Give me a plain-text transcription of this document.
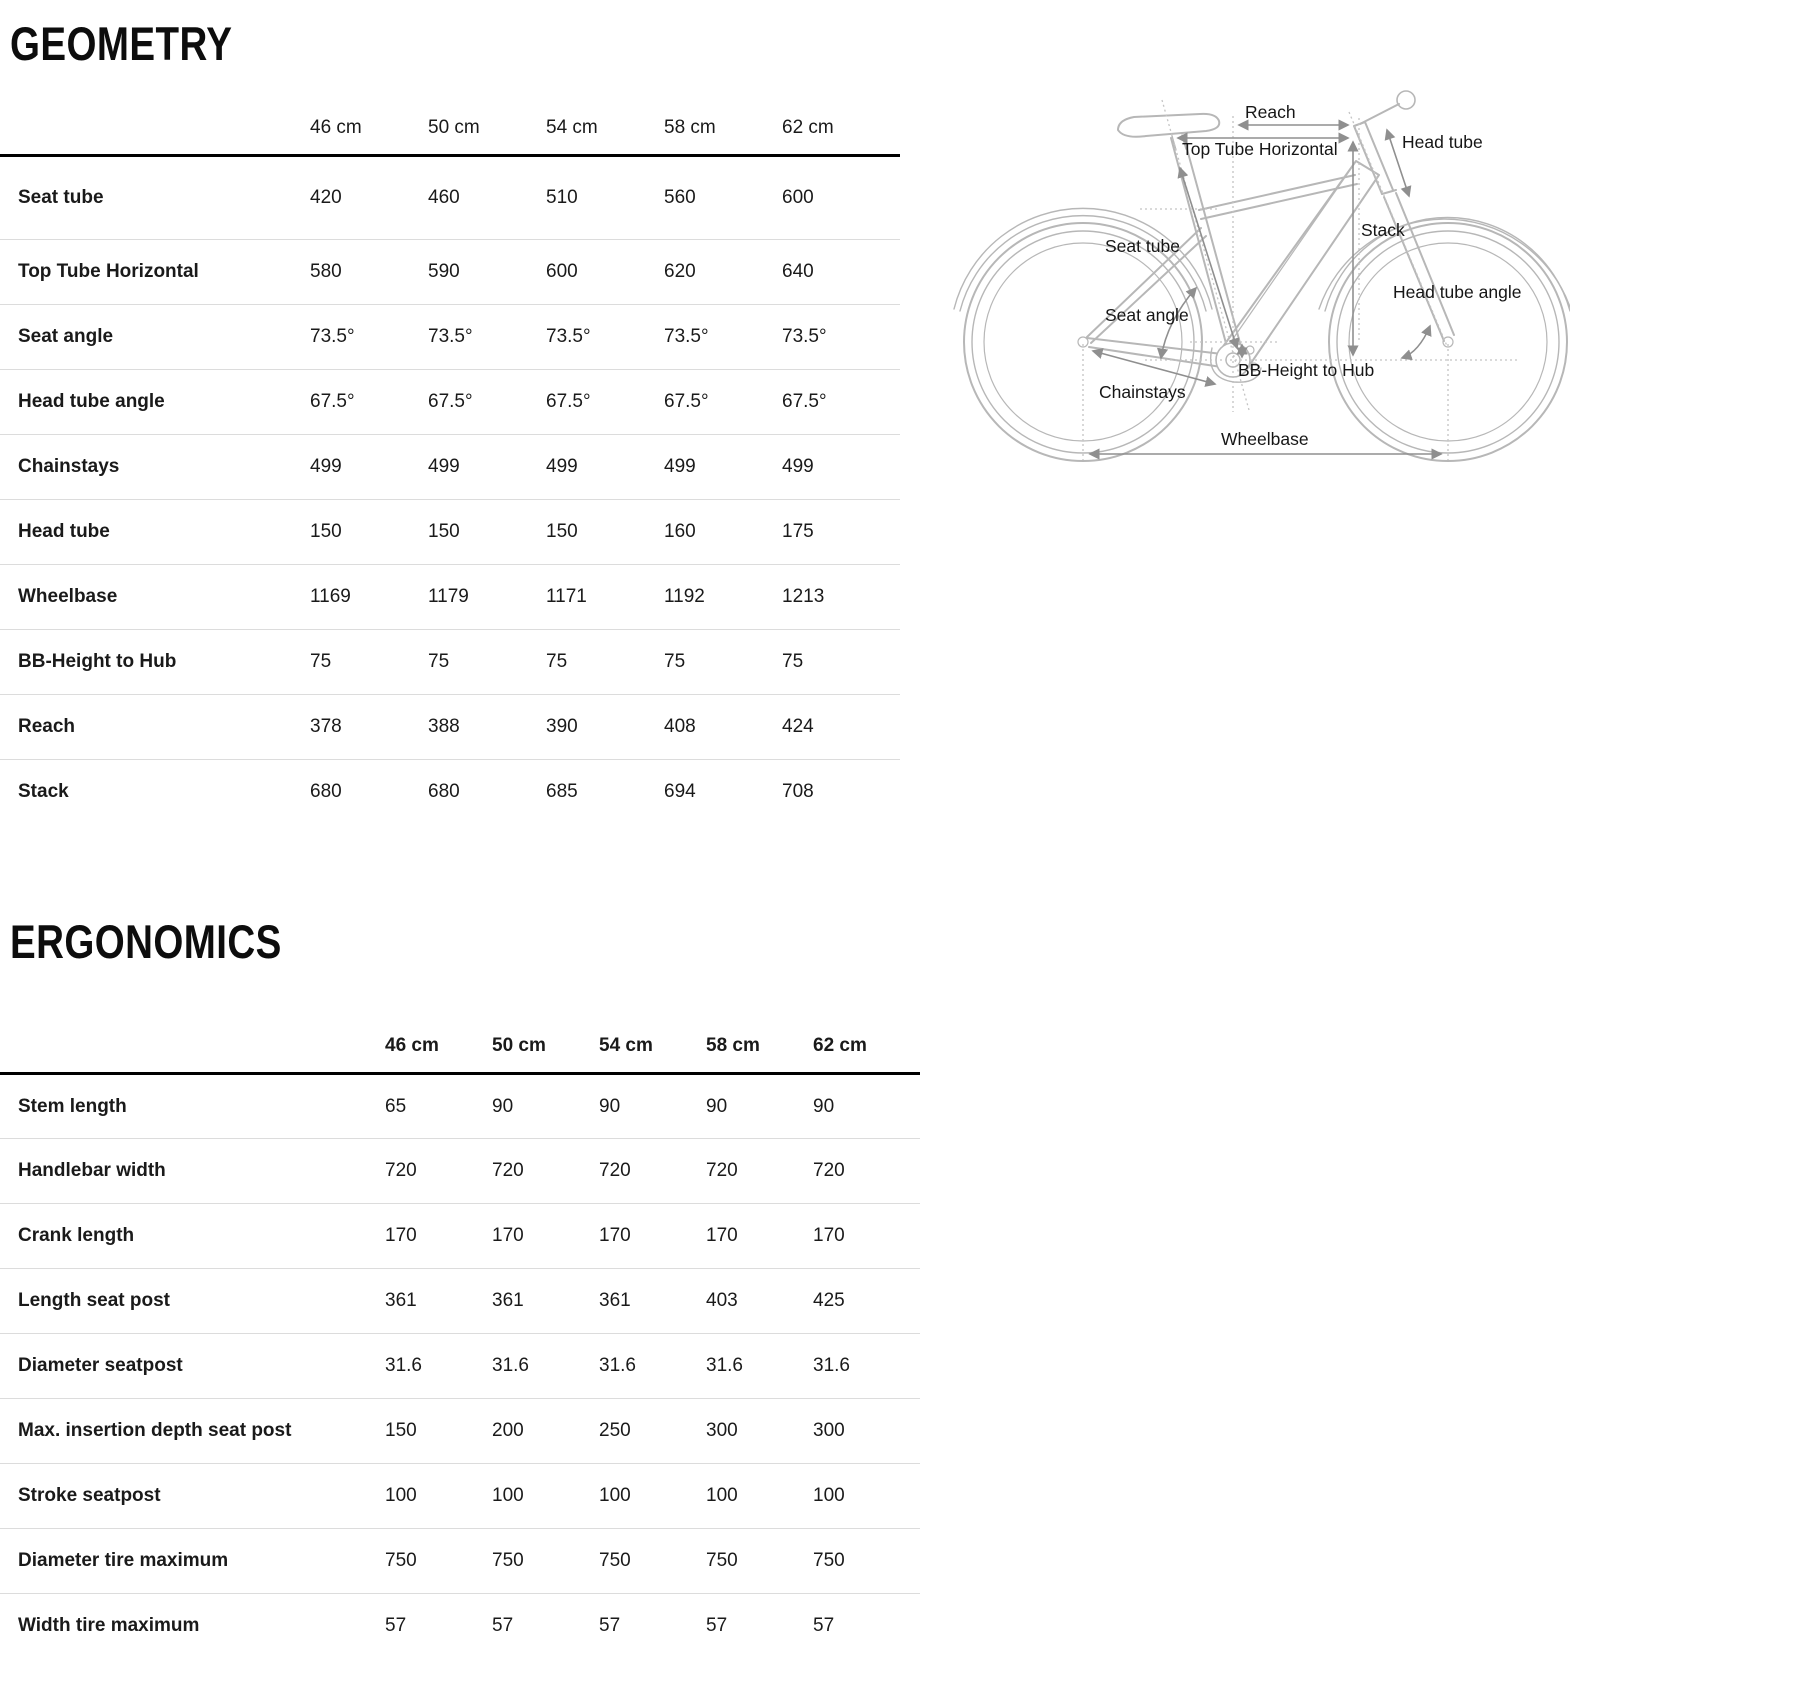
GEOMETRY
	46 cm	50 cm	54 cm	58 cm	62 cm
Seat tube	420	460	510	560	600
Top Tube Horizontal	580	590	600	620	640
Seat angle	73.5°	73.5°	73.5°	73.5°	73.5°
Head tube angle	67.5°	67.5°	67.5°	67.5°	67.5°
Chainstays	499	499	499	499	499
Head tube	150	150	150	160	175
Wheelbase	1169	1179	1171	1192	1213
BB-Height to Hub	75	75	75	75	75
Reach	378	388	390	408	424
Stack	680	680	685	694	708
Reach
Top Tube Horizontal	Head tube
Seat tube
Stack
Seat angle
Head tube angle
BB-Height to Hub
Chainstays
Wheelbase
ERGONOMICS
	46 cm	50 cm	54 cm	58 cm	62 cm
Stem length	65	90	90	90	90
Handlebar width	720	720	720	720	720
Crank length	170	170	170	170	170
Length seat post	361	361	361	403	425
Diameter seatpost	31.6	31.6	31.6	31.6	31.6
Max. insertion depth seat post	150	200	250	300	300
Stroke seatpost	100	100	100	100	100
Diameter tire maximum	750	750	750	750	750
Width tire maximum	57	57	57	57	57
